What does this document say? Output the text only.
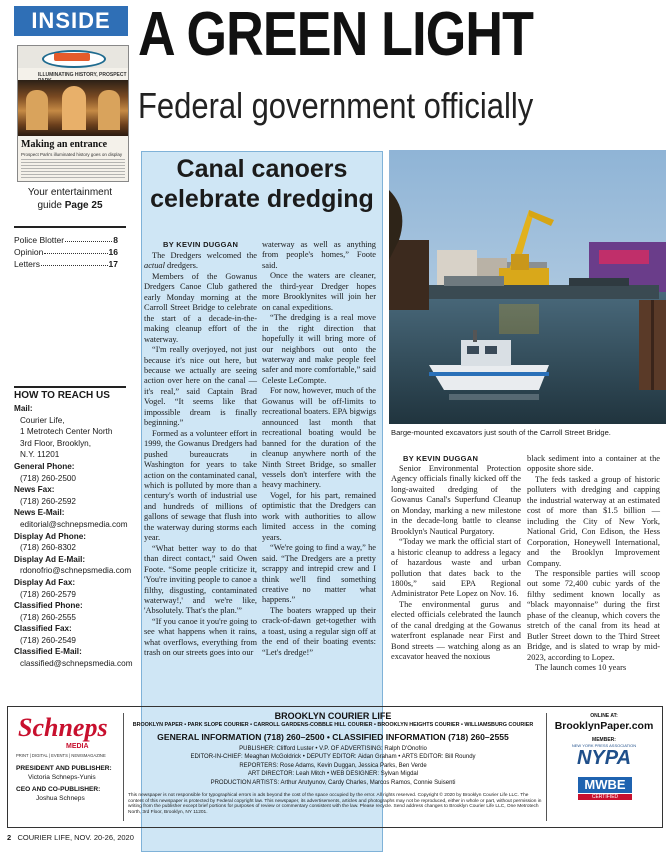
INSIDE
ILLUMINATING HISTORY, PROSPECT
Making an entrance
Prospect Park's illuminated history goes on display
Your entertainment
guide Page 25
Police Blotter	8
Opinion	16
Letters	17
HOW TO REACH US
Mail:
Courier Life,
1 Metrotech Center North
3rd Floor, Brooklyn,
N.Y. 11201
General Phone:
(718) 260-2500
News Fax:
(718) 260-2592
News E-Mail:
editorial@schnepsmedia.com
Display Ad Phone:
(718) 260-8302
Display Ad E-Mail:
rdonofrio@schnepsmedia.com
Display Ad Fax:
(718) 260-2579
Classified Phone:
(718) 260-2555
Classified Fax:
(718) 260-2549
Classified E-Mail:
classified@schnepsmedia.com
A GREEN LIGHT
Federal government officially
Canal canoers
celebrate dredging
BY KEVIN DUGGAN

The Dredgers welcomed the actual dredgers.

Members of the Gowanus Dredgers Canoe Club gathered early Monday morning at the Carroll Street Bridge to celebrate the start of a decade-in-the-making cleanup effort of the waterway.

“I'm really overjoyed, not just because it's nice out here, but because we actually are seeing action over here on the canal — it's real,” said Captain Brad Vogel. “It seems like that impossible dream is finally beginning.”

Formed as a volunteer effort in 1999, the Gowanus Dredgers had pushed bureaucrats in Washington for years to take action on the contaminated canal, which is polluted by more than a century's worth of industrial use and hundreds of millions of gallons of sewage that flush into the waterway during storms each year.

“What better way to do that than direct contact,” said Owen Foote. “Some people criticize it, 'You're inviting people to canoe a filthy, disgusting, contaminated waterway!,' and we're like, 'Absolutely. That's the plan.'”

“If you canoe it you're going to see what happens when it rains, what overflows, everything from trash on our streets goes into our

waterway as well as anything from people's homes,” Foote said.

Once the waters are cleaner, the third-year Dredger hopes more Brooklynites will join her on canal expeditions.

“The dredging is a real move in the right direction that hopefully it will bring more of our neighbors out onto the waterway and make people feel safer and more comfortable,” said Celeste LeCompte.

For now, however, much of the Gowanus will be off-limits to recreational boaters. EPA bigwigs announced last month that recreational boating would be banned for the duration of the cleanup anywhere north of the Ninth Street Bridge, so smaller vessels don't interfere with the heavy machinery.

Vogel, for his part, remained optimistic that the Dredgers can work with authorities to allow limited access in the coming years.

“We're going to find a way,” he said. “The Dredgers are a pretty scrappy and intrepid crew and I think we'll find something creative no matter what happens.”

The boaters wrapped up their crack-of-dawn get-together with a toast, using a regular sign off at the end of their boating events: “Let's dredge!”

Barge-mounted excavators just south of the Carroll Street Bridge.
BY KEVIN DUGGAN

Senior Environmental Protection Agency officials finally kicked off the long-awaited dredging of the Gowanus Canal's Superfund Cleanup on Monday, marking a new milestone in the decade-long battle to cleanse Brooklyn's Nautical Purgatory.

“Today we mark the official start of a historic cleanup to address a legacy of hazardous waste and urban pollution that dates back to the 1800s,” said EPA Regional Administrator Pete Lopez on Nov. 16.

The environmental gurus and elected officials celebrated the launch of the canal dredging at the Gowanus waterfront esplanade near First and Bond streets — watching along as an excavator heaved the noxious

black sediment into a container at the opposite shore side.

The feds tasked a group of historic polluters with dredging and capping the industrial waterway at an estimated cost of more than $1.5 billion — including the City of New York, National Grid, Con Edison, the Hess Corporation, Honeywell International, and the Brooklyn Improvement Company.

The responsible parties will scoop out some 72,400 cubic yards of the filthy sediment known locally as “black mayonnaise” during the first phase of the cleanup, which covers the stretch of the canal from its head at Butler Street down to the Third Street Bridge, and is slated to wrap by mid-2023, according to Lopez.

The launch comes 10 years

Schneps
MEDIA
PRINT | DIGITAL | EVENTS | NEWSMAGAZINE
PRESIDENT AND PUBLISHER:
Victoria Schneps-Yunis
CEO AND CO-PUBLISHER:
Joshua Schneps
BROOKLYN COURIER LIFE
BROOKLYN PAPER • PARK SLOPE COURIER • CARROLL GARDENS-COBBLE HILL COURIER • BROOKLYN HEIGHTS COURIER • WILLIAMSBURG COURIER
GENERAL INFORMATION (718) 260–2500 • CLASSIFIED INFORMATION (718) 260–2555
PUBLISHER: Clifford Luster • V.P. OF ADVERTISING: Ralph D'Onofrio
EDITOR-IN-CHIEF: Meaghan McGoldrick • DEPUTY EDITOR: Aidan Graham • ARTS EDITOR: Bill Roundy
REPORTERS: Rose Adams, Kevin Duggan, Jessica Parks, Ben Verde
ART DIRECTOR: Leah Mitch • WEB DESIGNER: Sylvan Migdal
PRODUCTION ARTISTS: Arthur Arutyunov, Cardy Charles, Marcos Ramos, Connie Suisenti
This newspaper is not responsible for typographical errors in ads beyond the cost of the space occupied by the error. All rights reserved. Copyright © 2020 by Brooklyn Courier Life LLC. The content of this newspaper is protected by Federal copyright law. This newspaper, its advertisements, articles and photographs may not be reproduced, either in whole or part, without permission in writing from the publisher except brief portions for purposes of review or commentary consistent with the law. Please recycle. Send address changes to Brooklyn Courier Life LLC, One Metrotech North, 3rd Floor, Brooklyn, NY 11201.
ONLINE AT:
BrooklynPaper.com
MEMBER:
NEW YORK PRESS ASSOCIATION
NYPA
MWBE
CERTIFIED
2 COURIER LIFE, NOV. 20-26, 2020
